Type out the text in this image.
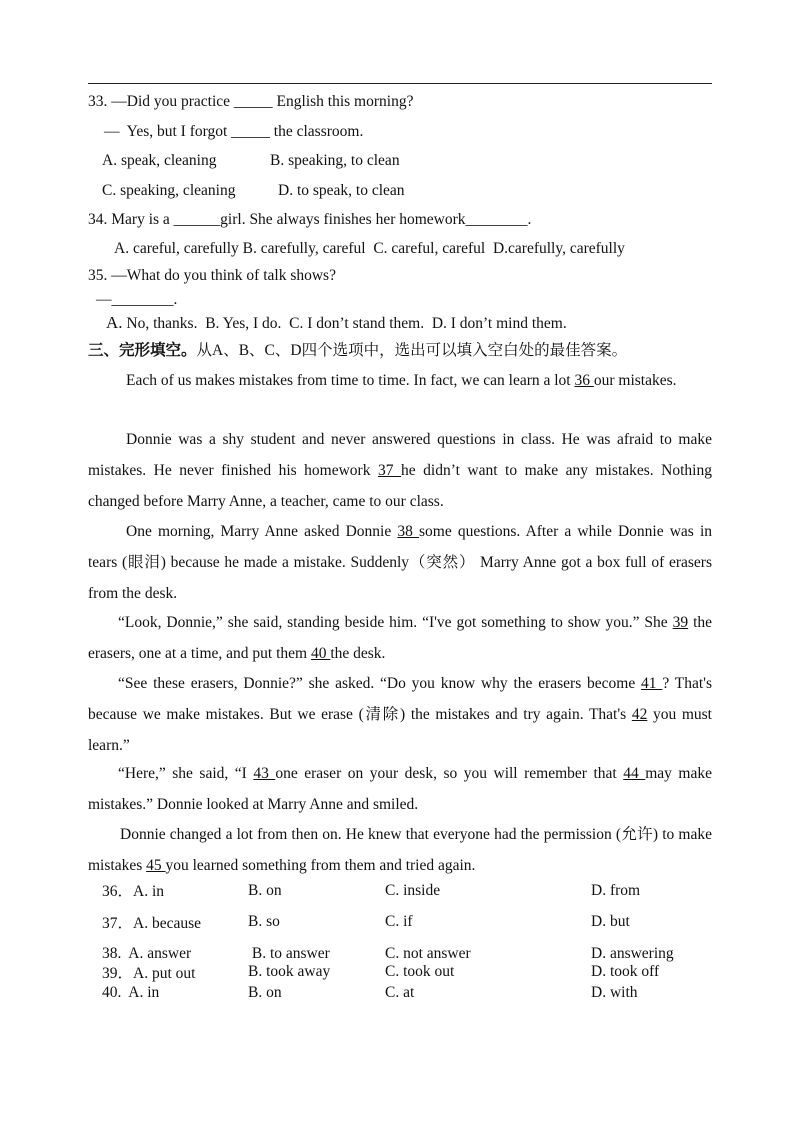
33. —Did you practice _____ English this morning?
—  Yes, but I forgot _____ the classroom.
A. speak, cleaning	B. speaking, to clean
C. speaking, cleaning	D. to speak, to clean
34. Mary is a ______girl. She always finishes her homework________.
A. careful, carefully B. carefully, careful  C. careful, careful  D.carefully, carefully
35. —What do you think of talk shows?
—________.
A. No, thanks.  B. Yes, I do.  C. I don’t stand them.  D. I don’t mind them.
三、完形填空。从A、B、C、D四个选项中，选出可以填入空白处的最佳答案。
Each of us makes mistakes from time to time. In fact, we can learn a lot 36 our mistakes.
Donnie was a shy student and never answered questions in class. He was afraid to make mistakes. He never finished his homework 37 he didn’t want to make any mistakes. Nothing changed before Marry Anne, a teacher, came to our class.
One morning, Marry Anne asked Donnie 38 some questions. After a while Donnie was in tears (眼泪) because he made a mistake. Suddenly（突然） Marry Anne got a box full of erasers from the desk.
“Look, Donnie,” she said, standing beside him. “I've got something to show you.” She 39 the erasers, one at a time, and put them 40 the desk.
“See these erasers, Donnie?” she asked. “Do you know why the erasers become 41 ? That's because we make mistakes. But we erase (清除) the mistakes and try again. That's 42 you must learn.”
“Here,” she said, “I 43 one eraser on your desk, so you will remember that 44 may make mistakes.” Donnie looked at Marry Anne and smiled.
Donnie changed a lot from then on. He knew that everyone had the permission (允许) to make mistakes 45 you learned something from them and tried again.
36．A. in	B. on	C. inside	D. from
37．A. because	B. so	C. if	D. but
38.  A. answer	B. to answer	C. not answer	D. answering
39．A. put out	B. took away	C. took out	D. took off
40.  A. in	B. on	C. at	D. with
